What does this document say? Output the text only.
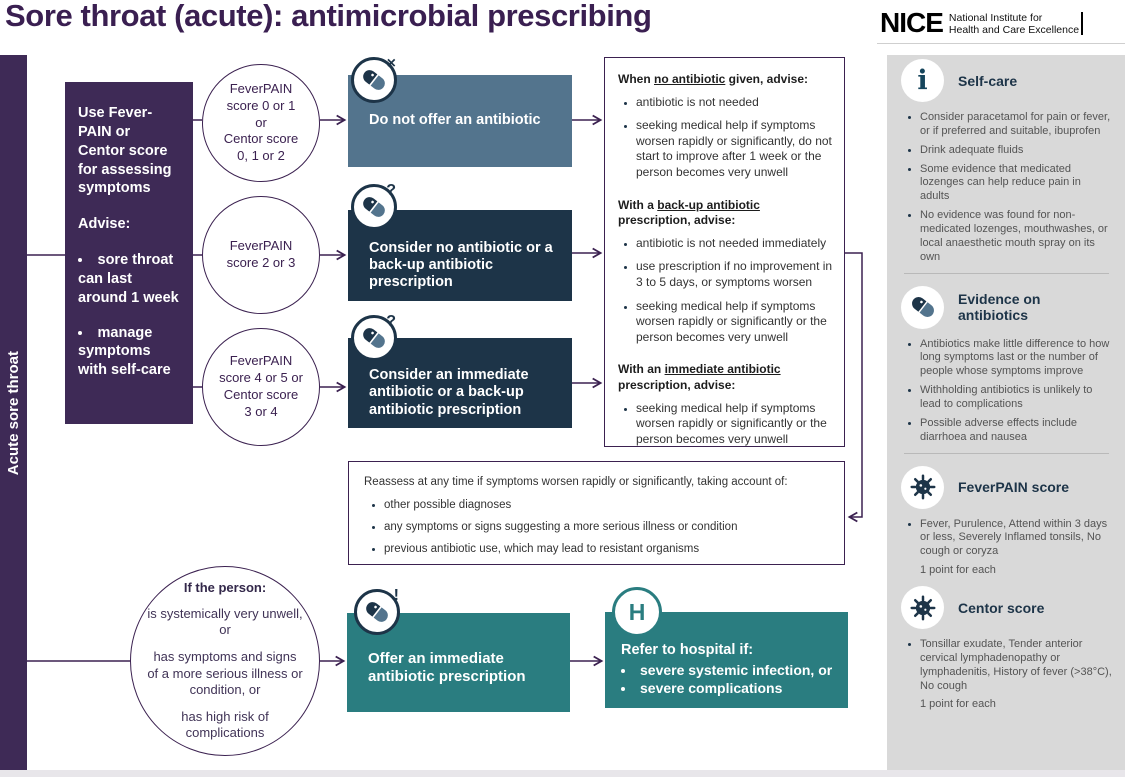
Sore throat (acute): antimicrobial prescribing	NICE National Institute for
Health and Care Excellence
Acute sore throat

Use Fever-PAIN or Centor score for assessing symptoms

Advise:

• sore throat can last around 1 week
• manage symptoms with self-care
FeverPAIN
score 0 or 1
or
Centor score
0, 1 or 2
FeverPAIN
score 2 or 3
FeverPAIN
score 4 or 5 or
Centor score
3 or 4
Do not offer an antibiotic
Consider no antibiotic or a back-up antibiotic prescription
Consider an immediate antibiotic or a back-up antibiotic prescription
×
?
?
When no antibiotic given, advise:
• antibiotic is not needed
• seeking medical help if symptoms worsen rapidly or significantly, do not start to improve after 1 week or the person becomes very unwell
With a back-up antibiotic prescription, advise:
• antibiotic is not needed immediately
• use prescription if no improvement in 3 to 5 days, or symptoms worsen
• seeking medical help if symptoms worsen rapidly or significantly or the person becomes very unwell
With an immediate antibiotic prescription, advise:
• seeking medical help if symptoms worsen rapidly or significantly or the person becomes very unwell

Reassess at any time if symptoms worsen rapidly or significantly, taking account of:

• other possible diagnoses
• any symptoms or signs suggesting a more serious illness or condition
• previous antibiotic use, which may lead to resistant organisms
If the person:

is systemically very unwell, or

has symptoms and signs of a more serious illness or condition, or

has high risk of complications

Offer an immediate antibiotic prescription
!

Refer to hospital if:

• severe systemic infection, or
• severe complications
H
i Self-care
• Consider paracetamol for pain or fever, or if preferred and suitable, ibuprofen
• Drink adequate fluids
• Some evidence that medicated lozenges can help reduce pain in adults
• No evidence was found for non-medicated lozenges, mouthwashes, or local anaesthetic mouth spray on its own
Evidence on antibiotics
• Antibiotics make little difference to how long symptoms last or the number of people whose symptoms improve
• Withholding antibiotics is unlikely to lead to complications
• Possible adverse effects include diarrhoea and nausea
FeverPAIN score
• Fever, Purulence, Attend within 3 days or less, Severely Inflamed tonsils, No cough or coryza
1 point for each
Centor score
• Tonsillar exudate, Tender anterior cervical lymphadenopathy or lymphadenitis, History of fever (>38°C), No cough
1 point for each
